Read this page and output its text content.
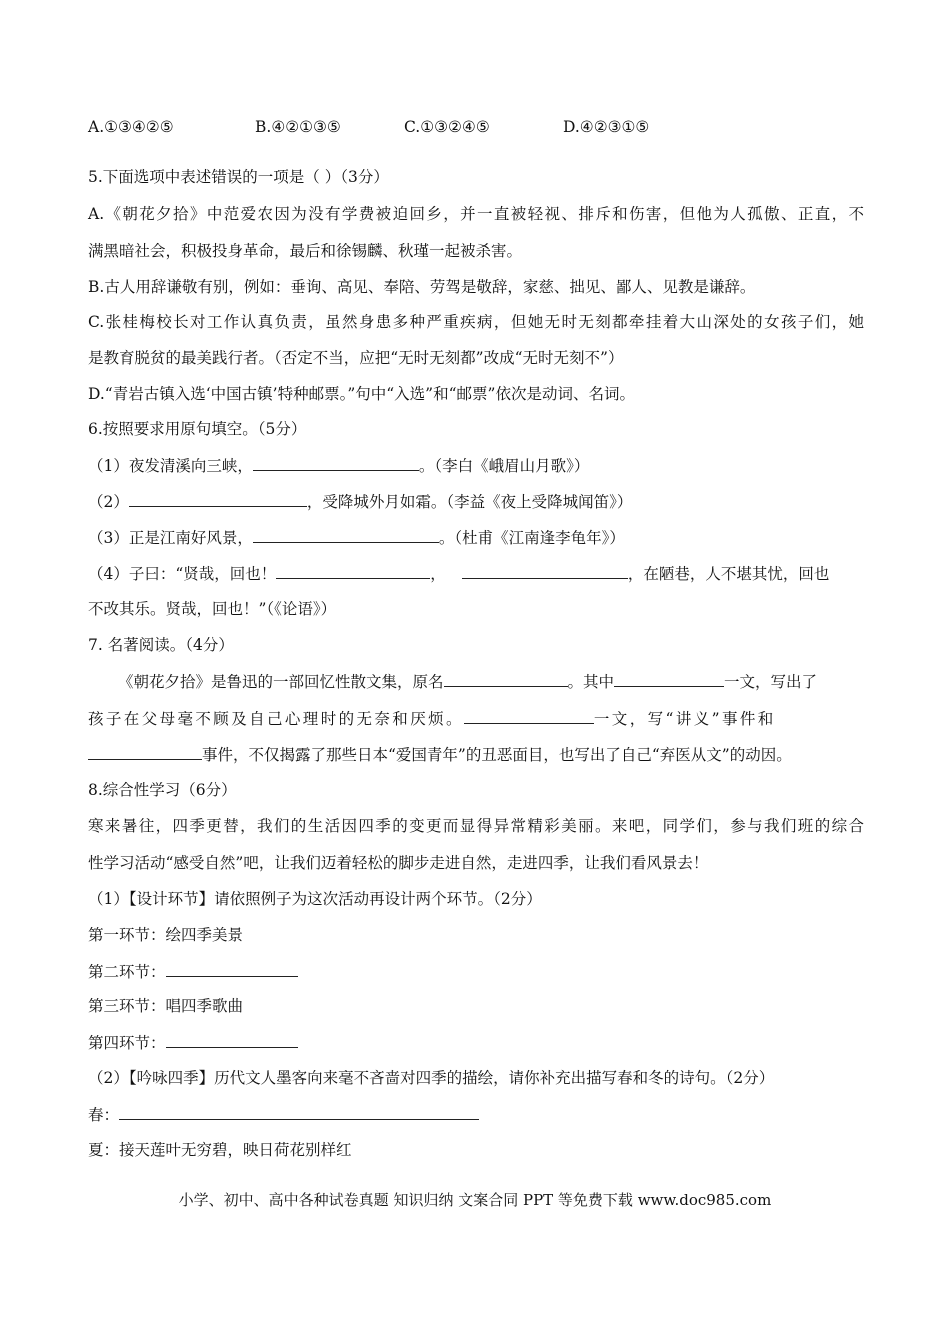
A.①③④②⑤	B.④②①③⑤	C.①③②④⑤	D.④②③①⑤
5.下面选项中表述错误的一项是（ ）（3分）
A.《朝花夕拾》中范爱农因为没有学费被迫回乡，并一直被轻视、排斥和伤害，但他为人孤傲、正直，不
满黑暗社会，积极投身革命，最后和徐锡麟、秋瑾一起被杀害。
B.古人用辞谦敬有别，例如：垂询、高见、奉陪、劳驾是敬辞，家慈、拙见、鄙人、见教是谦辞。
C.张桂梅校长对工作认真负责，虽然身患多种严重疾病，但她无时无刻都牵挂着大山深处的女孩子们，她
是教育脱贫的最美践行者。（否定不当，应把“无时无刻都”改成“无时无刻不”）
D.“青岩古镇入选‘中国古镇’特种邮票。”句中“入选”和“邮票”依次是动词、名词。
6.按照要求用原句填空。（5分）
（1）夜发清溪向三峡，	。（李白《峨眉山月歌》）
（2）	，受降城外月如霜。（李益《夜上受降城闻笛》）
（3）正是江南好风景，	。（杜甫《江南逢李龟年》）
（4）子曰：“贤哉，回也！	，	，在陋巷，人不堪其忧，回也
不改其乐。贤哉，回也！”（《论语》）
7. 名著阅读。（4分）
《朝花夕拾》是鲁迅的一部回忆性散文集，原名	。其中	一文，写出了
孩子在父母毫不顾及自己心理时的无奈和厌烦。	一文，写“讲义”事件和
事件，不仅揭露了那些日本“爱国青年”的丑恶面目，也写出了自己“弃医从文”的动因。
8.综合性学习（6分）
寒来暑往，四季更替，我们的生活因四季的变更而显得异常精彩美丽。来吧，同学们，参与我们班的综合
性学习活动“感受自然”吧，让我们迈着轻松的脚步走进自然，走进四季，让我们看风景去！
（1）【设计环节】请依照例子为这次活动再设计两个环节。（2分）
第一环节：绘四季美景
第二环节：
第三环节：唱四季歌曲
第四环节：
（2）【吟咏四季】历代文人墨客向来毫不吝啬对四季的描绘，请你补充出描写春和冬的诗句。（2分）
春：
夏：接天莲叶无穷碧，映日荷花别样红
小学、初中、高中各种试卷真题 知识归纳 文案合同 PPT 等免费下载 www.doc985.com
